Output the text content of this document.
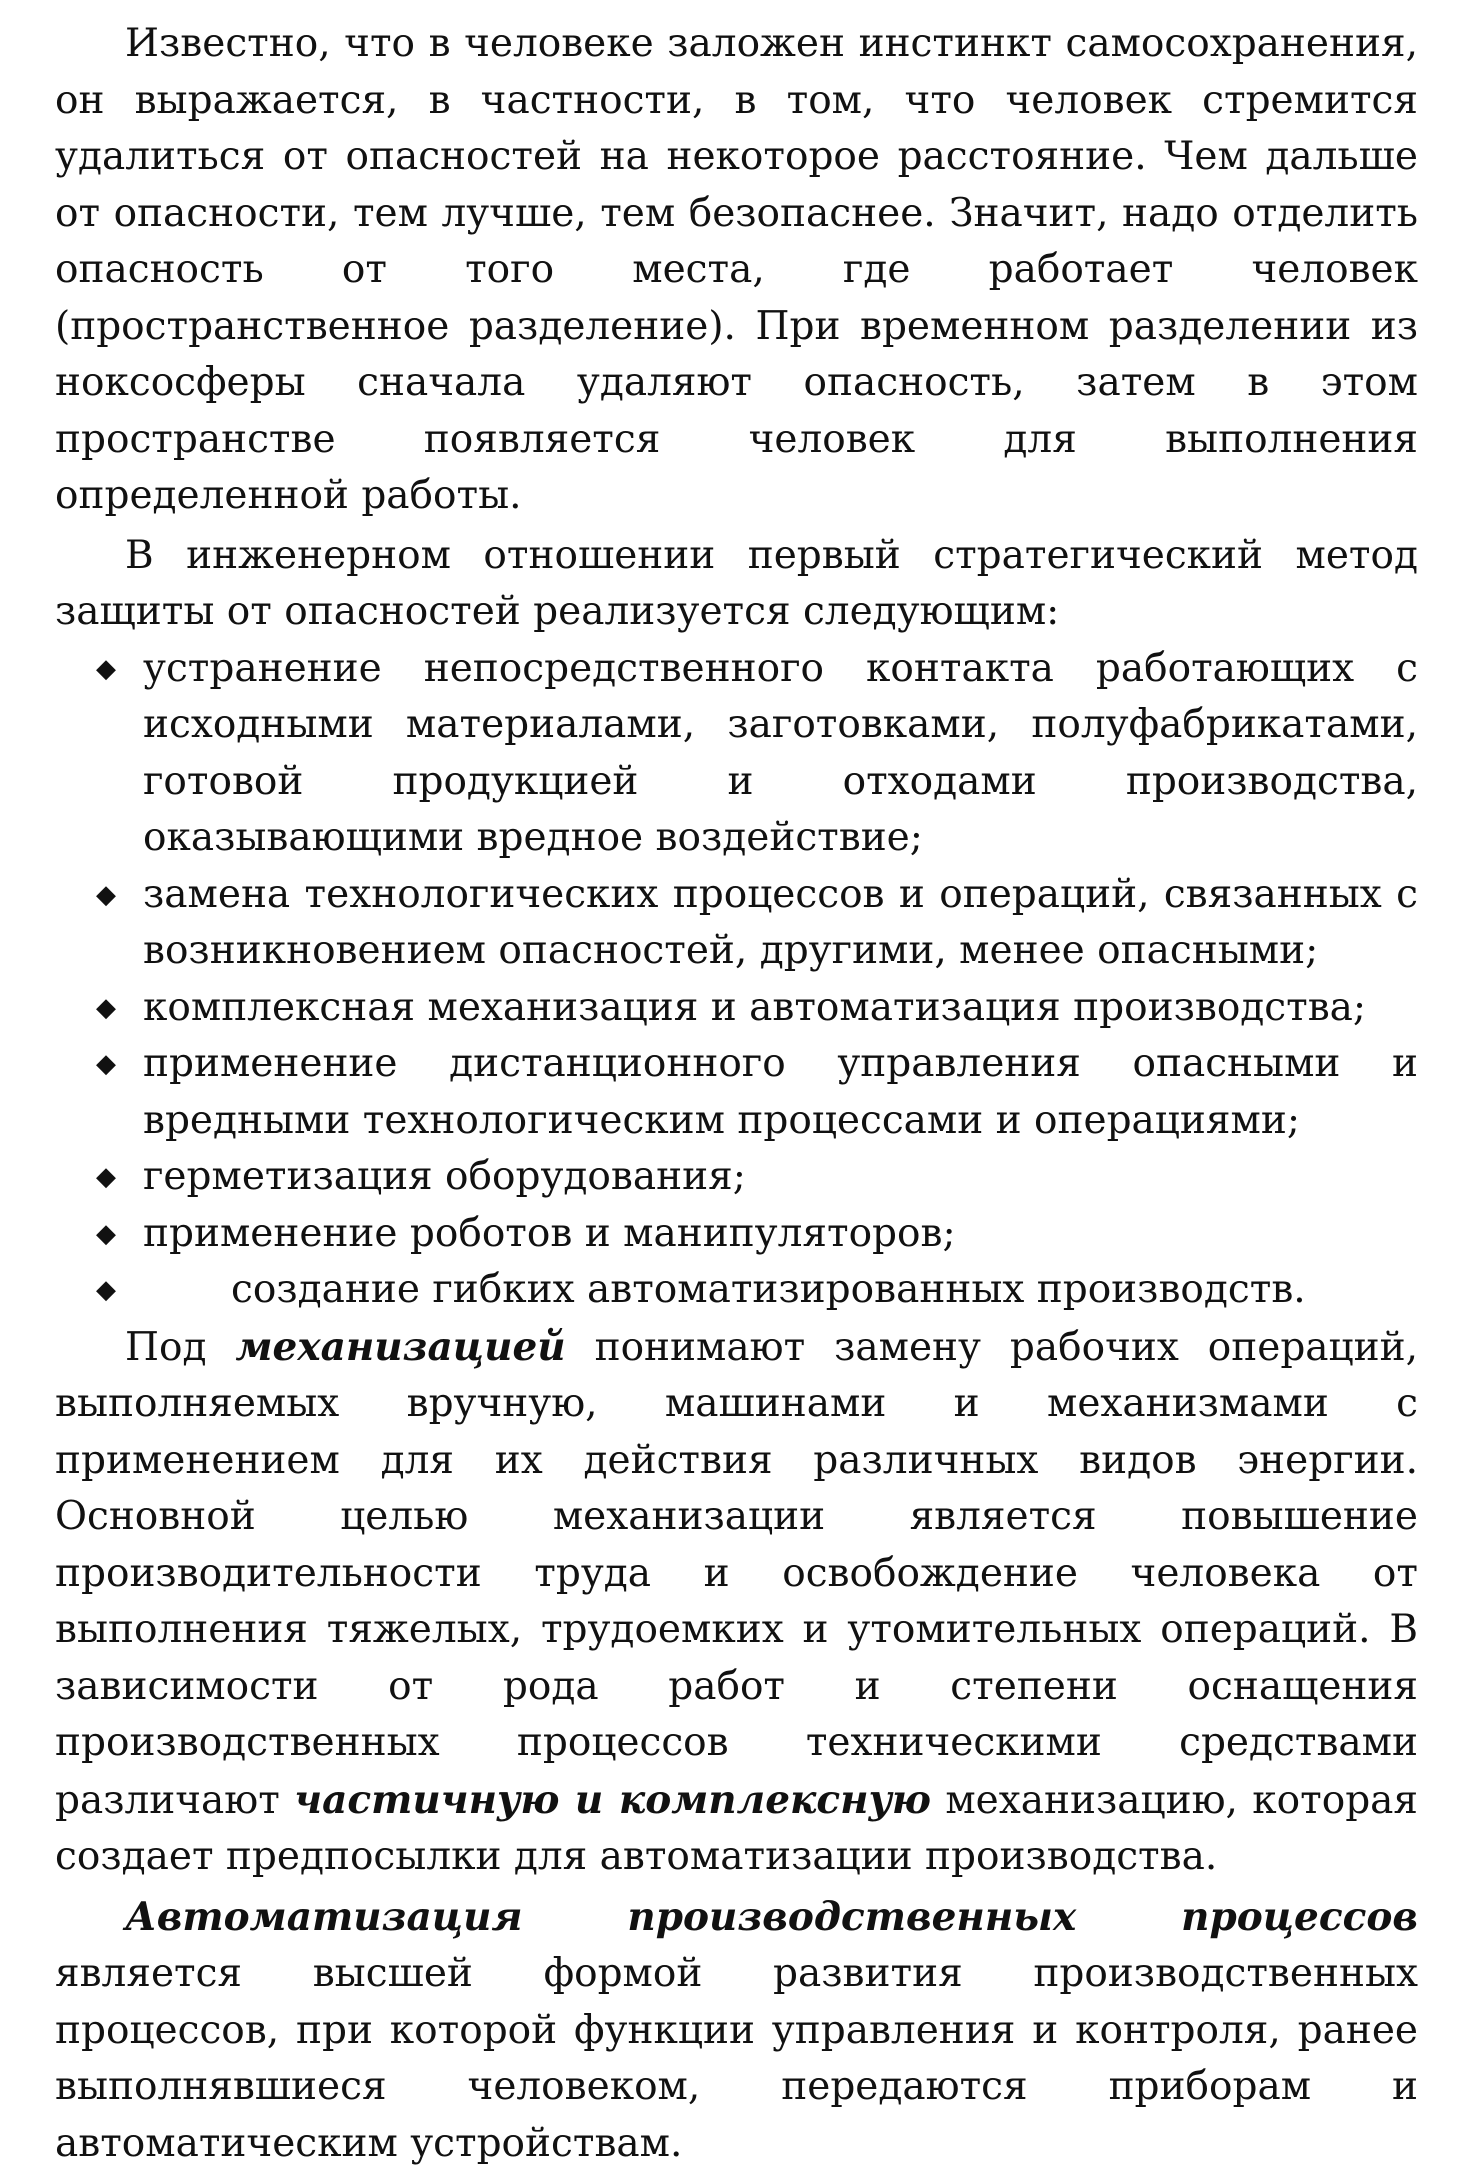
Известно, что в человеке заложен инстинкт самосохранения, он выражается, в частности, в том, что человек стремится удалиться от опасностей на некоторое расстояние. Чем дальше от опасности, тем лучше, тем безопаснее. Значит, надо отделить опасность от того места, где работает человек (пространственное разделение). При временном разделении из ноксосферы сначала удаляют опасность, затем в этом пространстве появляется человек для выполнения определенной работы.

В инженерном отношении первый стратегический метод защиты от опасностей реализуется следующим:

◆ устранение непосредственного контакта работающих с исходными материалами, заготовками, полуфабрикатами, готовой продукцией и отходами производства, оказывающими вредное воздействие;
◆ замена технологических процессов и операций, связанных с возникновением опасностей, другими, менее опасными;
◆ комплексная механизация и автоматизация производства;
◆ применение дистанционного управления опасными и вредными технологическим процессами и операциями;
◆ герметизация оборудования;
◆ применение роботов и манипуляторов;
◆	создание гибких автоматизированных производств.

Под механизацией понимают замену рабочих операций, выполняемых вручную, машинами и механизмами с применением для их действия различных видов энергии. Основной целью механизации является повышение производительности труда и освобождение человека от выполнения тяжелых, трудоемких и утомительных операций. В зависимости от рода работ и степени оснащения производственных процессов техническими средствами различают частичную и комплексную механизацию, которая создает предпосылки для автоматизации производства.

Автоматизация производственных процессов является высшей формой развития производственных процессов, при которой функции управления и контроля, ранее выполнявшиеся человеком, передаются приборам и автоматическим устройствам.
